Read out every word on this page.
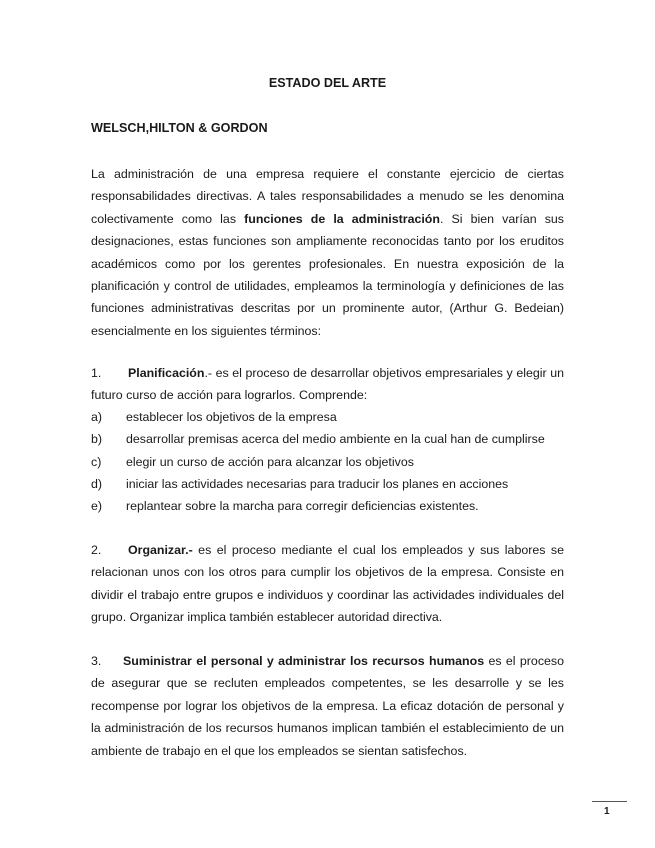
ESTADO DEL ARTE
WELSCH,HILTON & GORDON

La administración de una empresa requiere el constante ejercicio de ciertas responsabilidades directivas. A tales responsabilidades a menudo se les denomina colectivamente como las funciones de la administración. Si bien varían sus designaciones, estas funciones son ampliamente reconocidas tanto por los eruditos académicos como por los gerentes profesionales. En nuestra exposición de la planificación y control de utilidades, empleamos la terminología y definiciones de las funciones administrativas descritas por un prominente autor, (Arthur G. Bedeian) esencialmente en los siguientes términos:

1. Planificación.- es el proceso de desarrollar objetivos empresariales y elegir un futuro curso de acción para lograrlos. Comprende:

a)	establecer los objetivos de la empresa
b)	desarrollar premisas acerca del medio ambiente en la cual han de cumplirse
c)	elegir un curso de acción para alcanzar los objetivos
d)	iniciar las actividades necesarias para traducir los planes en acciones
e)	replantear sobre la marcha para corregir deficiencias existentes.

2. Organizar.- es el proceso mediante el cual los empleados y sus labores se relacionan unos con los otros para cumplir los objetivos de la empresa. Consiste en dividir el trabajo entre grupos e individuos y coordinar las actividades individuales del grupo. Organizar implica también establecer autoridad directiva.

3. Suministrar el personal y administrar los recursos humanos es el proceso de asegurar que se recluten empleados competentes, se les desarrolle y se les recompense por lograr los objetivos de la empresa. La eficaz dotación de personal y la administración de los recursos humanos implican también el establecimiento de un ambiente de trabajo en el que los empleados se sientan satisfechos.

1
